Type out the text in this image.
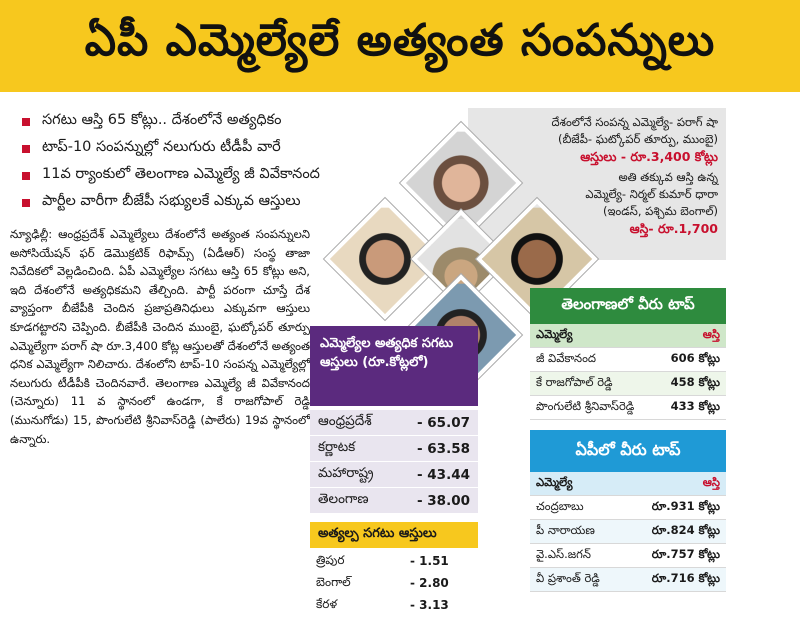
ఏపీ ఎమ్మెల్యేలే అత్యంత సంపన్నులు
సగటు ఆస్తి 65 కోట్లు.. దేశంలోనే అత్యధికం
టాప్‌-10 సంపన్నుల్లో నలుగురు టీడీపీ వారే
11వ ర్యాంకులో తెలంగాణ ఎమ్మెల్యే జీ వివేకానంద
పార్టీల వారీగా బీజేపీ సభ్యులకే ఎక్కువ ఆస్తులు
న్యూఢిల్లీ: ఆంధ్రప్రదేశ్‌ ఎమ్మెల్యేలు దేశంలోనే అత్యంత సంపన్నులని అసోసియేషన్‌ ఫర్‌ డెమొక్రటిక్‌ రిఫామ్స్‌ (ఏడీఆర్‌) సంస్థ తాజా నివేదికలో వెల్లడించింది. ఏపీ ఎమ్మెల్యేల సగటు ఆస్తి 65 కోట్లు అని, ఇది దేశంలోనే అత్యధికమని తేల్చింది. పార్టీ పరంగా చూస్తే దేశ వ్యాప్తంగా బీజేపీకి చెందిన ప్రజాప్రతినిధులు ఎక్కువగా ఆస్తులు కూడగట్టారని చెప్పింది. బీజేపీకి చెందిన ముంబై, ఘట్కోపర్‌ తూర్పు ఎమ్మెల్యేగా పరాగ్‌ షా రూ.3,400 కోట్ల ఆస్తులతో దేశంలోనే అత్యంత ధనిక ఎమ్మెల్యేగా నిలిచారు. దేశంలోని టాప్‌-10 సంపన్న ఎమ్మెల్యేల్లో నలుగురు టీడీపీకి చెందినవారే. తెలంగాణ ఎమ్మెల్యే జీ వివేకానంద (చెన్నూరు) 11 వ స్థానంలో ఉండగా, కే రాజగోపాల్‌ రెడ్డి (మునుగోడు) 15, పొంగులేటి శ్రీనివాస్‌రెడ్డి (పాలేరు) 19వ స్థానంలో ఉన్నారు.
దేశంలోనే సంపన్న ఎమ్మెల్యే- పరాగ్‌ షా
(బీజేపీ- ఘట్కోపర్‌ తూర్పు, ముంబై)
ఆస్తులు - రూ.3,400 కోట్లు
అతి తక్కువ ఆస్తి ఉన్న
ఎమ్మెల్యే- నిర్మల్‌ కుమార్‌ ధారా
(ఇండస్‌, పశ్చిమ బెంగాల్‌)
ఆస్తి- రూ.1,700
ఎమ్మెల్యేల అత్యధిక సగటు ఆస్తులు (రూ.కోట్లలో)
ఆంధ్రప్రదేశ్‌	- 65.07
కర్ణాటక	- 63.58
మహారాష్ట్ర	- 43.44
తెలంగాణ	- 38.00
అత్యల్ప సగటు ఆస్తులు
త్రిపుర	- 1.51
బెంగాల్‌	- 2.80
కేరళ	- 3.13
తెలంగాణలో వీరు టాప్‌
ఎమ్మెల్యే	ఆస్తి
జీ వివేకానంద	606 కోట్లు
కే రాజగోపాల్‌ రెడ్డి	458 కోట్లు
పొంగులేటి శ్రీనివాస్‌రెడ్డి	433 కోట్లు
ఏపీలో వీరు టాప్‌
ఎమ్మెల్యే	ఆస్తి
చంద్రబాబు	రూ.931 కోట్లు
పీ నారాయణ	రూ.824 కోట్లు
వై.ఎస్‌.జగన్‌	రూ.757 కోట్లు
వీ ప్రశాంత్‌ రెడ్డి	రూ.716 కోట్లు
